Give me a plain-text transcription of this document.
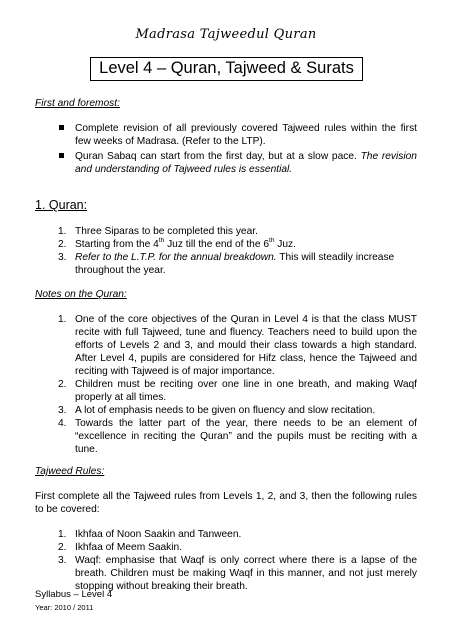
Madrasa Tajweedul Quran
Level 4 – Quran, Tajweed & Surats
First and foremost:
Complete revision of all previously covered Tajweed rules within the first few weeks of Madrasa. (Refer to the LTP).
Quran Sabaq can start from the first day, but at a slow pace. The revision and understanding of Tajweed rules is essential.
1. Quran:
1. Three Siparas to be completed this year.
2. Starting from the 4th Juz till the end of the 6th Juz.
3. Refer to the L.T.P. for the annual breakdown. This will steadily increase throughout the year.
Notes on the Quran:
1. One of the core objectives of the Quran in Level 4 is that the class MUST recite with full Tajweed, tune and fluency. Teachers need to build upon the efforts of Levels 2 and 3, and mould their class towards a high standard. After Level 4, pupils are considered for Hifz class, hence the Tajweed and reciting with Tajweed is of major importance.
2. Children must be reciting over one line in one breath, and making Waqf properly at all times.
3. A lot of emphasis needs to be given on fluency and slow recitation.
4. Towards the latter part of the year, there needs to be an element of “excellence in reciting the Quran” and the pupils must be reciting with a tune.
Tajweed Rules:
First complete all the Tajweed rules from Levels 1, 2, and 3, then the following rules to be covered:
1. Ikhfaa of Noon Saakin and Tanween.
2. Ikhfaa of Meem Saakin.
3. Waqf: emphasise that Waqf is only correct where there is a lapse of the breath. Children must be making Waqf in this manner, and not just merely stopping without breaking their breath.
Syllabus – Level 4
Year: 2010 / 2011
